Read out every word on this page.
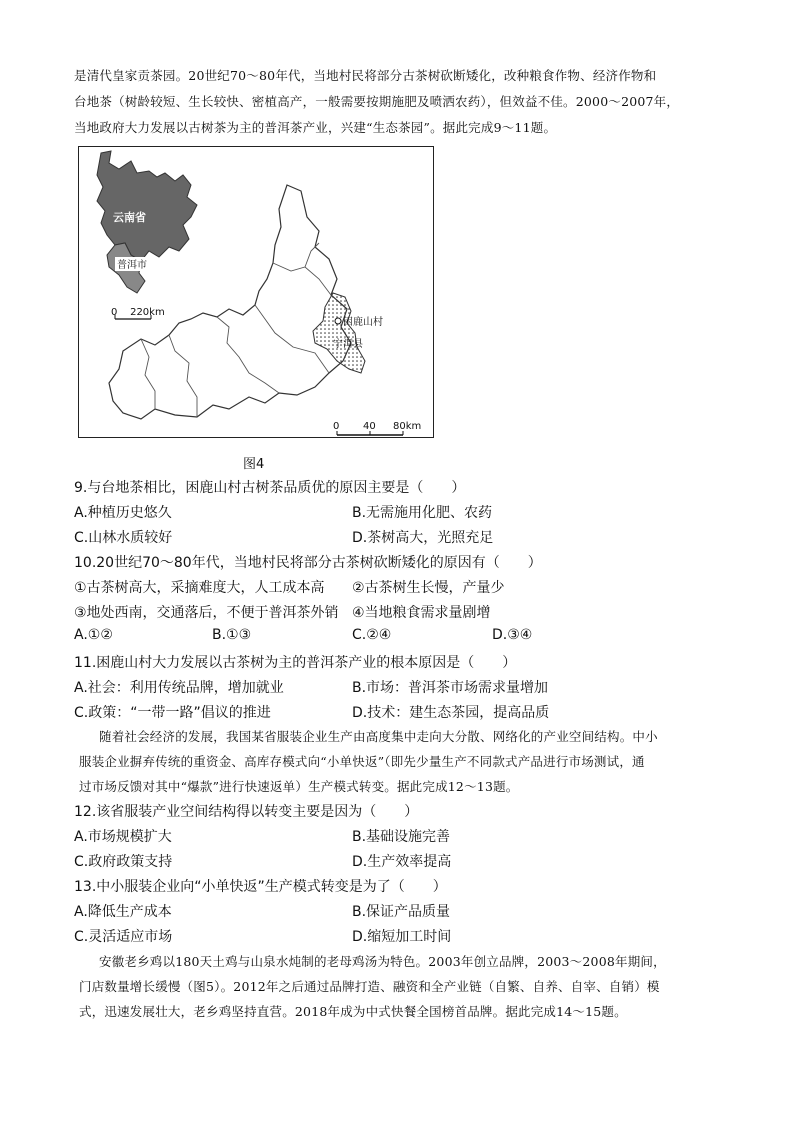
是清代皇家贡茶园。20世纪70～80年代，当地村民将部分古茶树砍断矮化，改种粮食作物、经济作物和
台地茶（树龄较短、生长较快、密植高产，一般需要按期施肥及喷洒农药），但效益不佳。2000～2007年，
当地政府大力发展以古树茶为主的普洱茶产业，兴建“生态茶园”。据此完成9～11题。
云南省
普洱市
0    220km
困鹿山村
宁洱县
0 40 80km
图4
9.与台地茶相比，困鹿山村古树茶品质优的原因主要是（　　）
A.种植历史悠久	B.无需施用化肥、农药
C.山林水质较好	D.茶树高大，光照充足
10.20世纪70～80年代，当地村民将部分古茶树砍断矮化的原因有（　　）
①古茶树高大，采摘难度大，人工成本高 ②古茶树生长慢，产量少
③地处西南，交通落后，不便于普洱茶外销 ④当地粮食需求量剧增
A.①②	B.①③	C.②④	D.③④
11.困鹿山村大力发展以古茶树为主的普洱茶产业的根本原因是（　　）
A.社会：利用传统品牌，增加就业	B.市场：普洱茶市场需求量增加
C.政策：“一带一路”倡议的推进	D.技术：建生态茶园，提高品质
随着社会经济的发展，我国某省服装企业生产由高度集中走向大分散、网络化的产业空间结构。中小
服装企业摒弃传统的重资金、高库存模式向“小单快返”（即先少量生产不同款式产品进行市场测试，通
过市场反馈对其中“爆款”进行快速返单）生产模式转变。据此完成12～13题。
12.该省服装产业空间结构得以转变主要是因为（　　）
A.市场规模扩大	B.基础设施完善
C.政府政策支持	D.生产效率提高
13.中小服装企业向“小单快返”生产模式转变是为了（　　）
A.降低生产成本	B.保证产品质量
C.灵活适应市场	D.缩短加工时间
安徽老乡鸡以180天土鸡与山泉水炖制的老母鸡汤为特色。2003年创立品牌，2003～2008年期间，
门店数量增长缓慢（图5）。2012年之后通过品牌打造、融资和全产业链（自繁、自养、自宰、自销）模
式，迅速发展壮大，老乡鸡坚持直营。2018年成为中式快餐全国榜首品牌。据此完成14～15题。
